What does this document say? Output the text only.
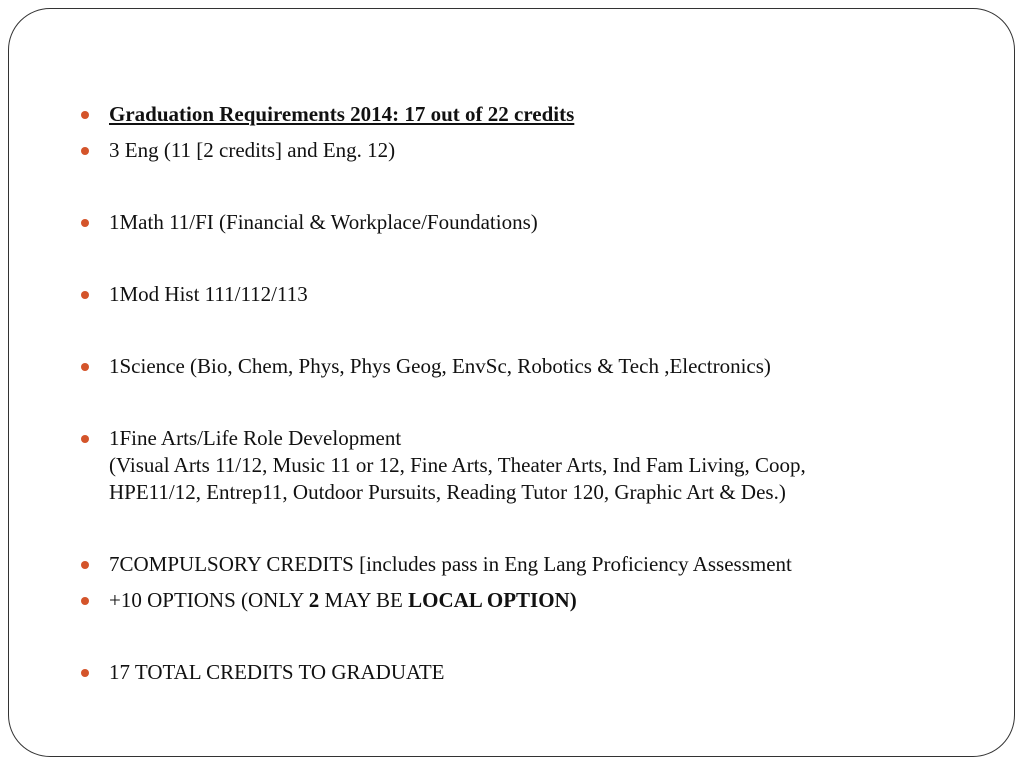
Graduation Requirements 2014: 17 out of 22 credits
3 Eng (11 [2 credits] and Eng. 12)
1Math 11/FI (Financial & Workplace/Foundations)
1Mod Hist 111/112/113
1Science (Bio, Chem, Phys, Phys Geog, EnvSc, Robotics & Tech ,Electronics)
1Fine Arts/Life Role Development
(Visual Arts 11/12, Music 11 or 12, Fine Arts, Theater Arts, Ind Fam Living, Coop,
HPE11/12, Entrep11, Outdoor Pursuits, Reading Tutor 120, Graphic Art & Des.)
7COMPULSORY CREDITS [includes pass in Eng Lang Proficiency Assessment
+10 OPTIONS (ONLY 2 MAY BE LOCAL OPTION)
17 TOTAL CREDITS TO GRADUATE
